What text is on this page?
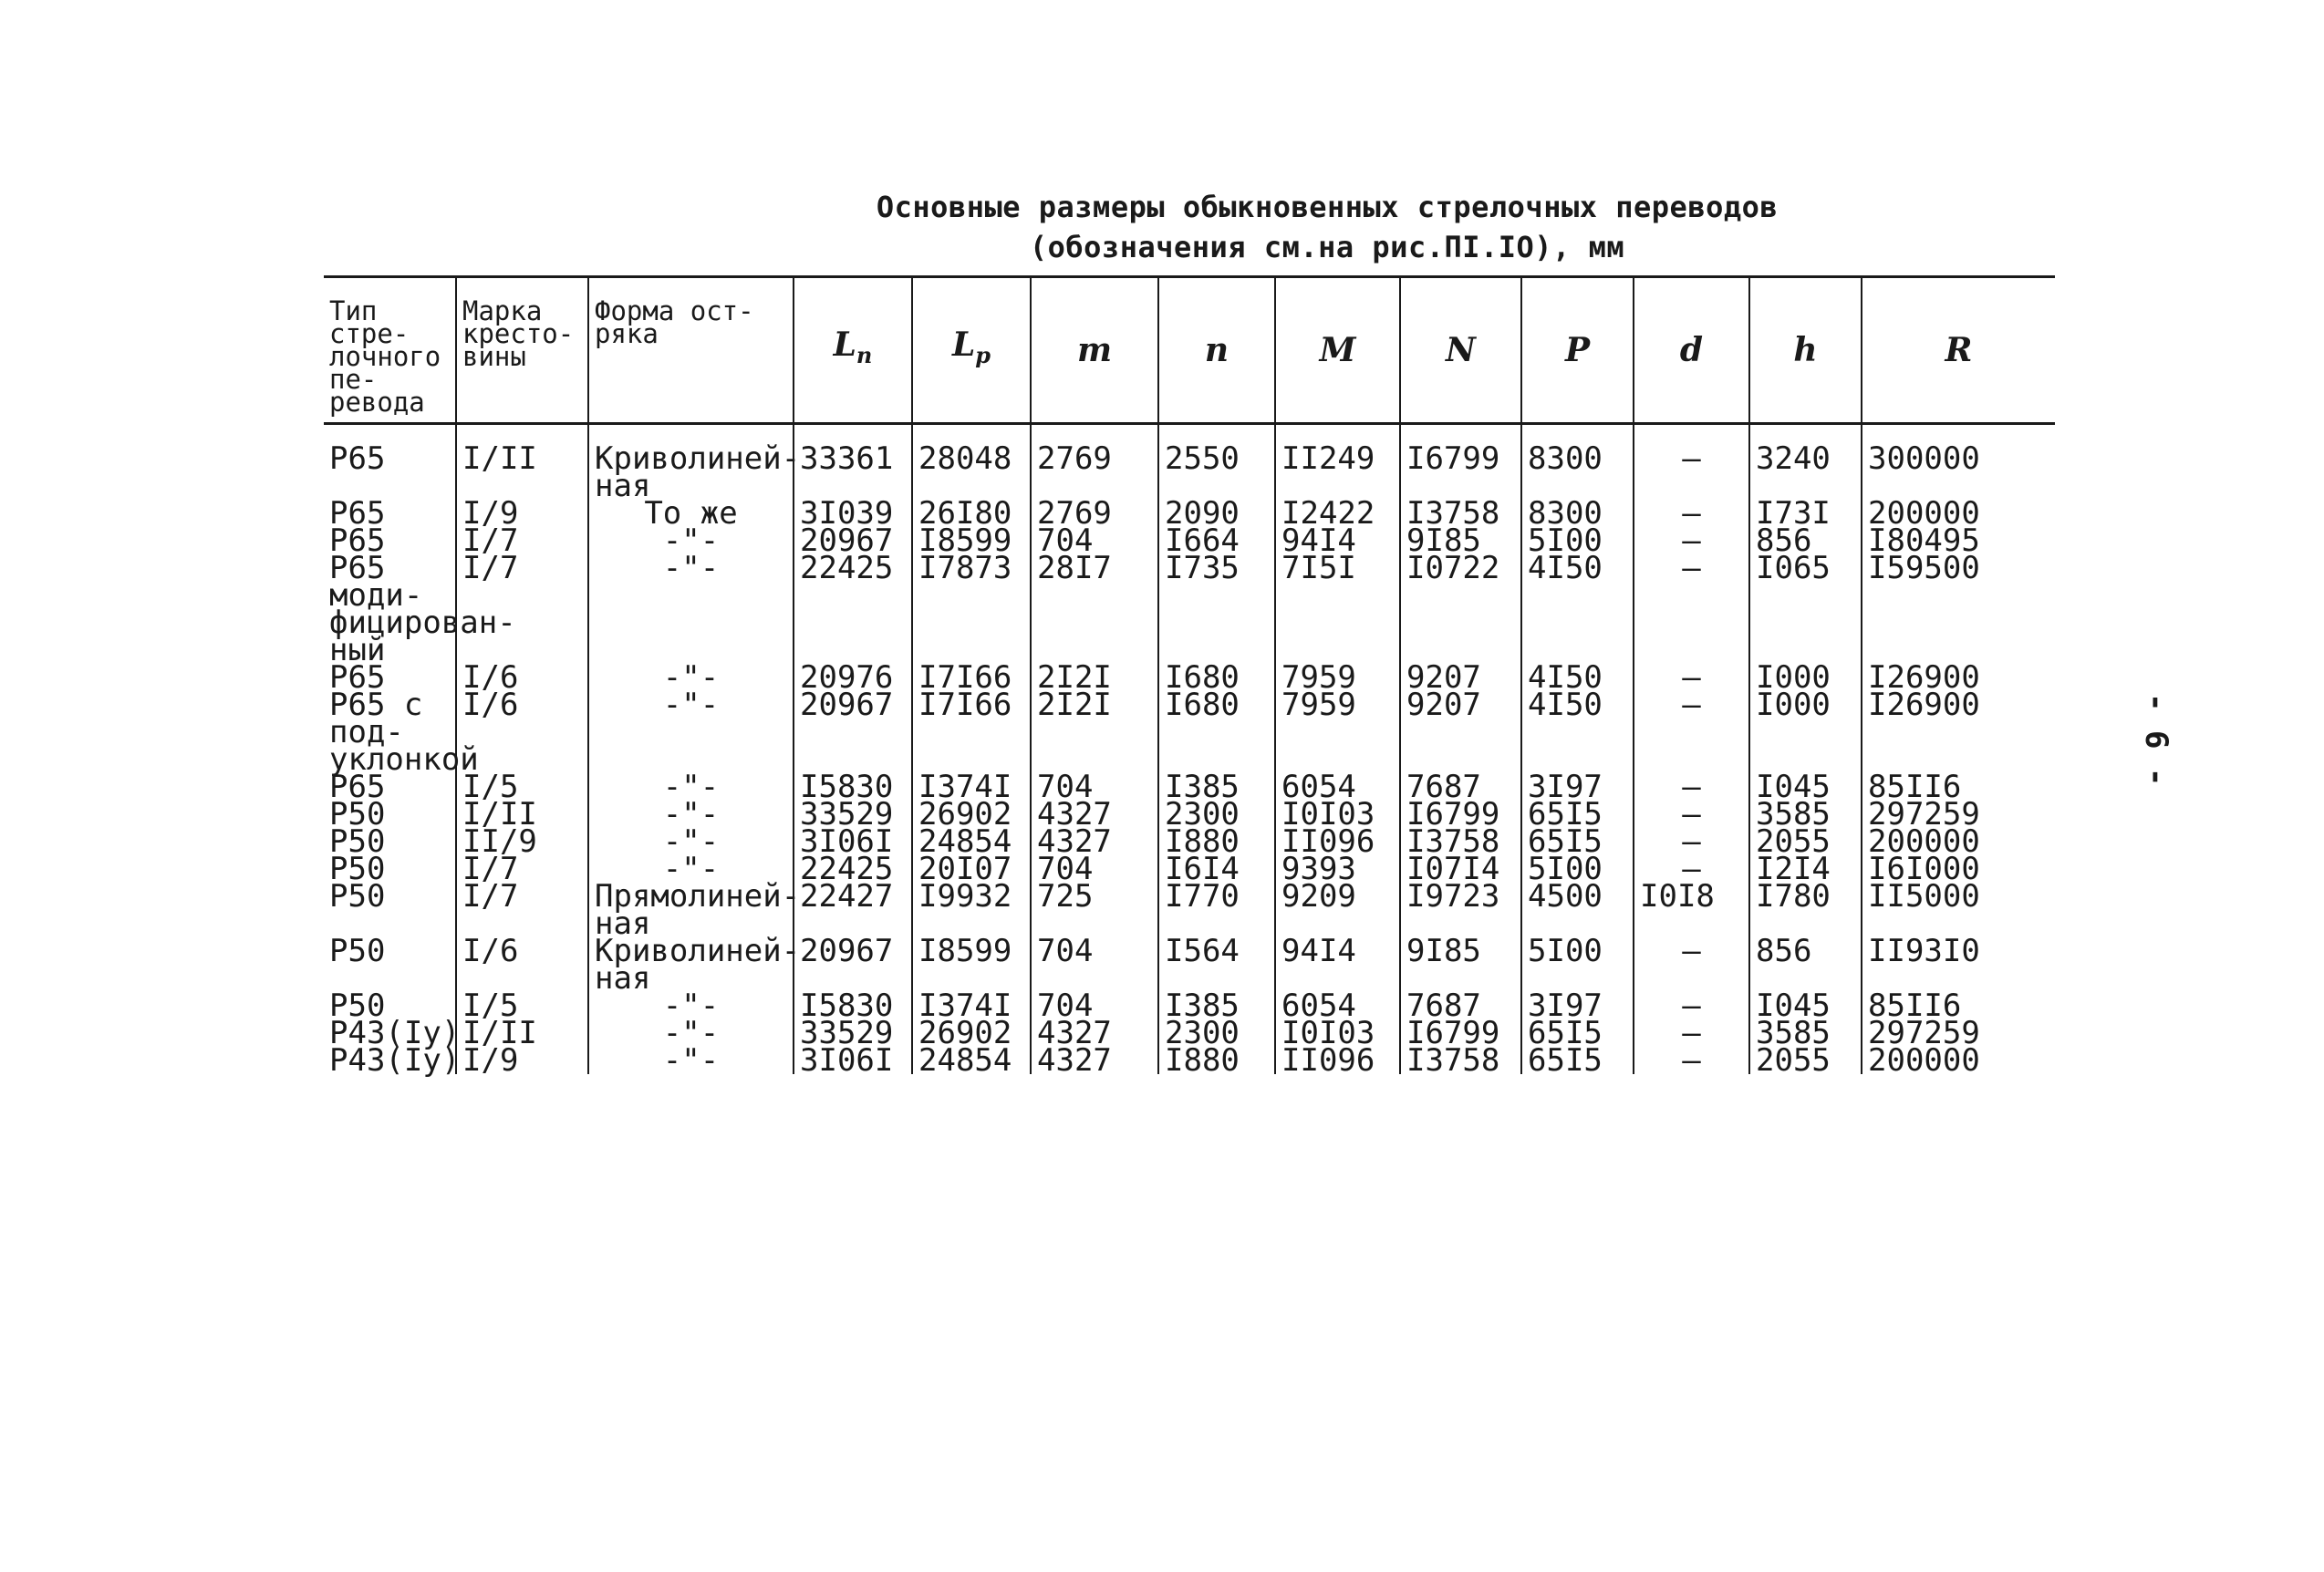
Основные размеры обыкновенных стрелочных переводов
(обозначения см.на рис.ПI.IO), мм
- 6 -
Тип стре-лочного пе-ревода	Марка кресто-вины	Форма ост-ряка	$L_n$	$L_p$	m	n	M	N	P	d	h	R
Р65	I/II	Криволиней-ная	33361	28048	2769	2550	II249	I6799	8300	–	3240	300000
Р65	I/9	То же	3I039	26I80	2769	2090	I2422	I3758	8300	–	I73I	200000
Р65	I/7	-"-	20967	I8599	704	I664	94I4	9I85	5I00	–	856	I80495
Р65 моди-фицирован-ный	I/7	-"-	22425	I7873	28I7	I735	7I5I	I0722	4I50	–	I065	I59500
Р65	I/6	-"-	20976	I7I66	2I2I	I680	7959	9207	4I50	–	I000	I26900
Р65 с под-уклонкой	I/6	-"-	20967	I7I66	2I2I	I680	7959	9207	4I50	–	I000	I26900
Р65	I/5	-"-	I5830	I374I	704	I385	6054	7687	3I97	–	I045	85II6
Р50	I/II	-"-	33529	26902	4327	2300	I0I03	I6799	65I5	–	3585	297259
Р50	II/9	-"-	3I06I	24854	4327	I880	II096	I3758	65I5	–	2055	200000
Р50	I/7	-"-	22425	20I07	704	I6I4	9393	I07I4	5I00	–	I2I4	I6I000
Р50	I/7	Прямолиней-ная	22427	I9932	725	I770	9209	I9723	4500	I0I8	I780	II5000
Р50	I/6	Криволиней-ная	20967	I8599	704	I564	94I4	9I85	5I00	–	856	II93I0
Р50	I/5	-"-	I5830	I374I	704	I385	6054	7687	3I97	–	I045	85II6
Р43(Iу)	I/II	-"-	33529	26902	4327	2300	I0I03	I6799	65I5	–	3585	297259
Р43(Iу)	I/9	-"-	3I06I	24854	4327	I880	II096	I3758	65I5	–	2055	200000
